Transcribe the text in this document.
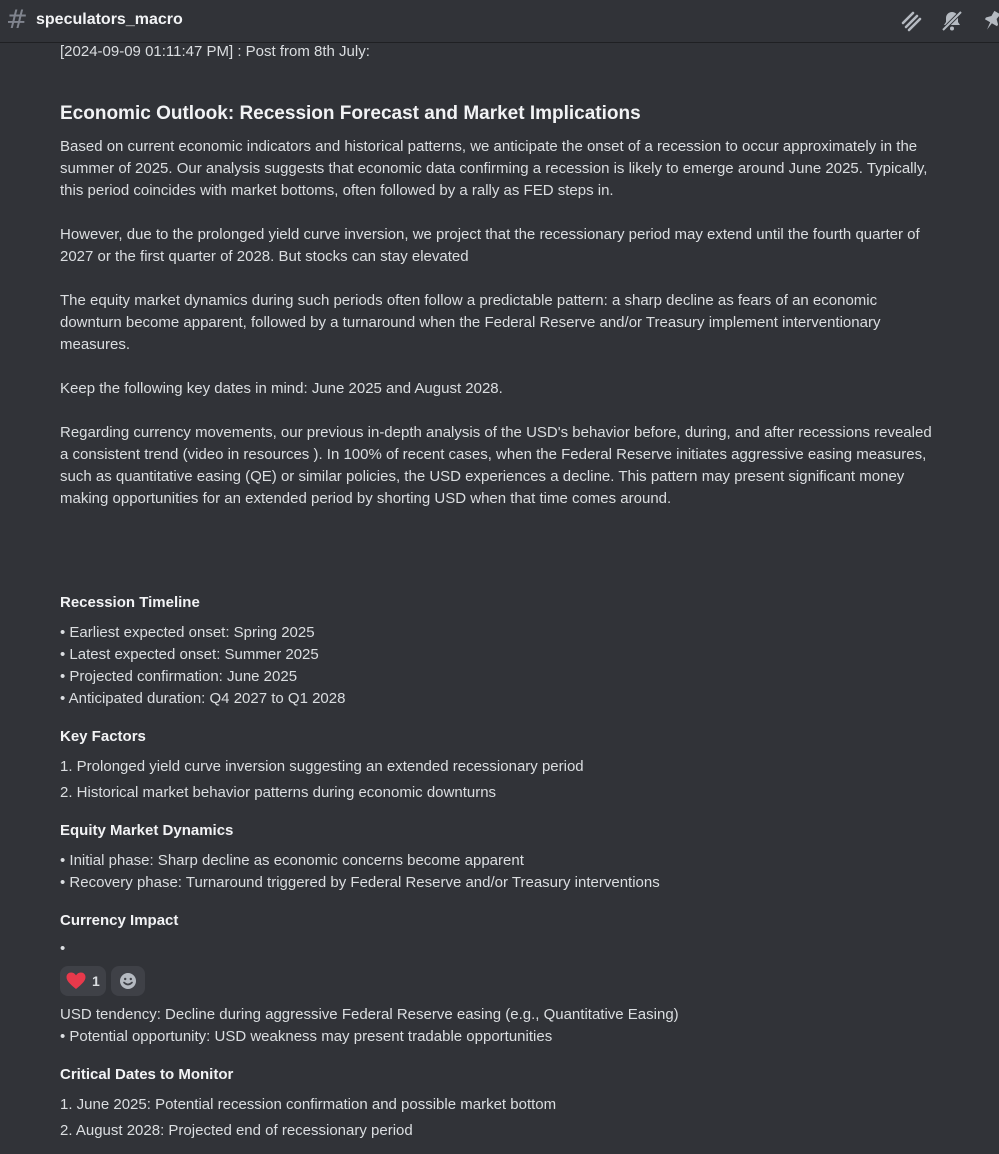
# speculators_macro
[2024-09-09 01:11:47 PM] : Post from 8th July:
Economic Outlook: Recession Forecast and Market Implications
Based on current economic indicators and historical patterns, we anticipate the onset of a recession to occur approximately in the
summer of 2025. Our analysis suggests that economic data confirming a recession is likely to emerge around June 2025. Typically,
this period coincides with market bottoms, often followed by a rally as FED steps in.
However, due to the prolonged yield curve inversion, we project that the recessionary period may extend until the fourth quarter of
2027 or the first quarter of 2028. But stocks can stay elevated
The equity market dynamics during such periods often follow a predictable pattern: a sharp decline as fears of an economic
downturn become apparent, followed by a turnaround when the Federal Reserve and/or Treasury implement interventionary
measures.
Keep the following key dates in mind: June 2025 and August 2028.
Regarding currency movements, our previous in-depth analysis of the USD's behavior before, during, and after recessions revealed
a consistent trend (video in resources ). In 100% of recent cases, when the Federal Reserve initiates aggressive easing measures,
such as quantitative easing (QE) or similar policies, the USD experiences a decline. This pattern may present significant money
making opportunities for an extended period by shorting USD when that time comes around.
Recession Timeline
• Earliest expected onset: Spring 2025
• Latest expected onset: Summer 2025
• Projected confirmation: June 2025
• Anticipated duration: Q4 2027 to Q1 2028
Key Factors
1. Prolonged yield curve inversion suggesting an extended recessionary period
2. Historical market behavior patterns during economic downturns
Equity Market Dynamics
• Initial phase: Sharp decline as economic concerns become apparent
• Recovery phase: Turnaround triggered by Federal Reserve and/or Treasury interventions
Currency Impact
•
1
USD tendency: Decline during aggressive Federal Reserve easing (e.g., Quantitative Easing)
• Potential opportunity: USD weakness may present tradable opportunities
Critical Dates to Monitor
1. June 2025: Potential recession confirmation and possible market bottom
2. August 2028: Projected end of recessionary period
